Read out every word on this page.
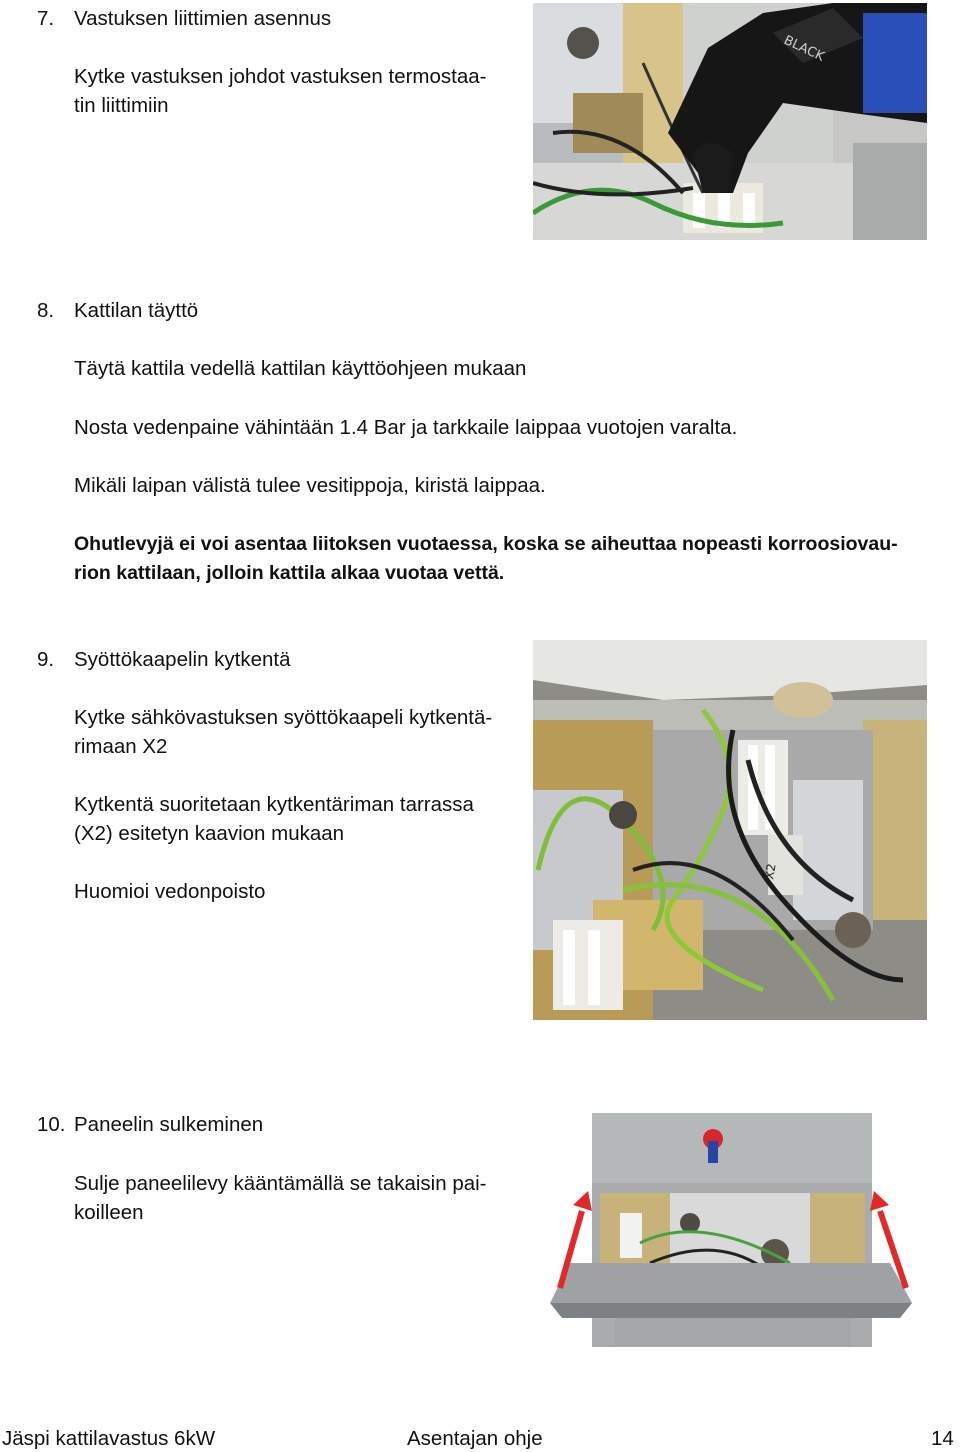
7. Vastuksen liittimien asennus
Kytke vastuksen johdot vastuksen termostaa-
tin liittimiin
BLACK
8. Kattilan täyttö
Täytä kattila vedellä kattilan käyttöohjeen mukaan
Nosta vedenpaine vähintään 1.4 Bar ja tarkkaile laippaa vuotojen varalta.
Mikäli laipan välistä tulee vesitippoja, kiristä laippaa.
Ohutlevyjä ei voi asentaa liitoksen vuotaessa, koska se aiheuttaa nopeasti korroosiovau-
rion kattilaan, jolloin kattila alkaa vuotaa vettä.
9. Syöttökaapelin kytkentä
Kytke sähkövastuksen syöttökaapeli kytkentä-
rimaan X2
Kytkentä suoritetaan kytkentäriman tarrassa
(X2) esitetyn kaavion mukaan
Huomioi vedonpoisto
X2
10. Paneelin sulkeminen
Sulje paneelilevy kääntämällä se takaisin pai-
koilleen
Jäspi kattilavastus 6kW	Asentajan ohje	14
